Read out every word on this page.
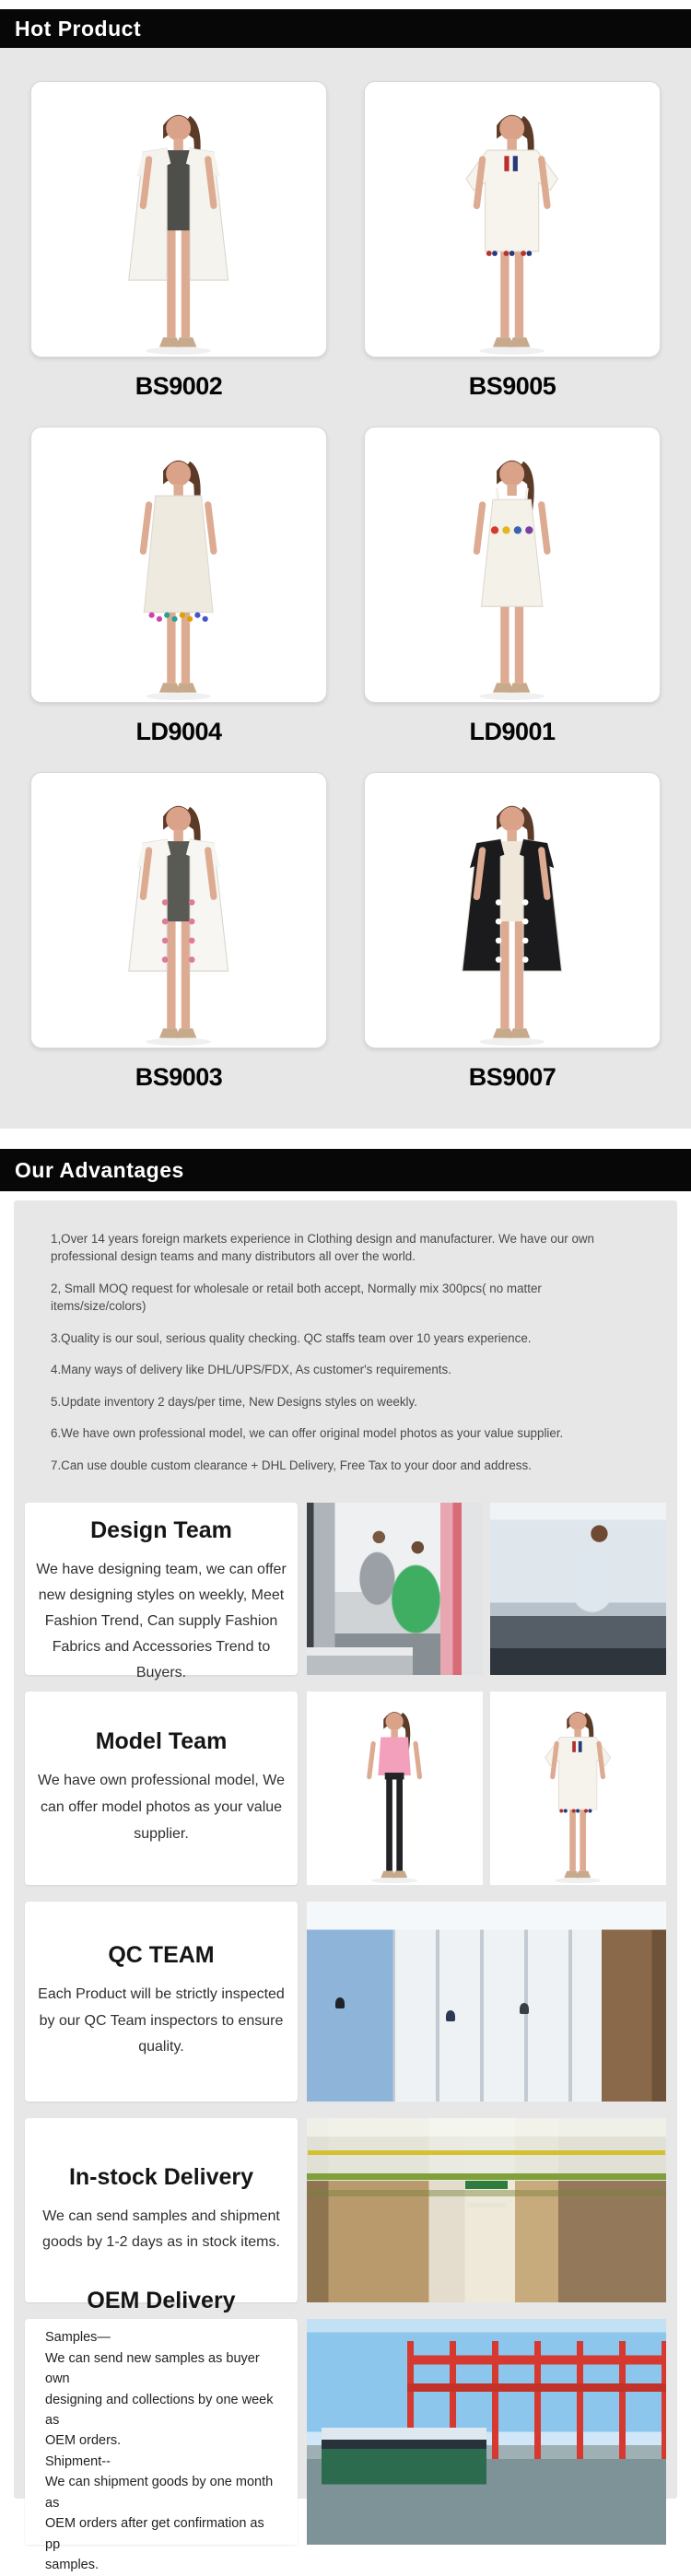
Hot Product
BS9002	BS9005
LD9004	LD9001
BS9003	BS9007
Our Advantages
1,Over 14 years foreign markets experience in Clothing design and manufacturer. We have our own professional design teams and many distributors all over the world.
2, Small MOQ request for wholesale or retail both accept, Normally mix 300pcs( no matter items/size/colors)
3.Quality is our soul, serious quality checking. QC staffs team over 10 years experience.
4.Many ways of delivery like DHL/UPS/FDX, As customer's requirements.
5.Update inventory 2 days/per time, New Designs styles on weekly.
6.We have own professional model, we can offer original model photos as your value supplier.
7.Can use double custom clearance + DHL Delivery, Free Tax to your door and address.
Design Team

We have designing team, we can offer
new designing styles on weekly, Meet
Fashion Trend, Can supply Fashion
Fabrics and Accessories Trend to
Buyers.

Model Team

We have own professional model, We
can offer model photos as your value
supplier.

QC TEAM

Each Product will be strictly inspected
by our QC Team inspectors to ensure
quality.

In-stock Delivery

We can send samples and shipment
goods by 1-2 days as in stock items.

OEM Delivery

Samples—
We can send new samples as buyer own
designing and collections by one week as
OEM orders.
Shipment--
We can shipment goods by one month as
OEM orders after get confirmation as pp
samples.
